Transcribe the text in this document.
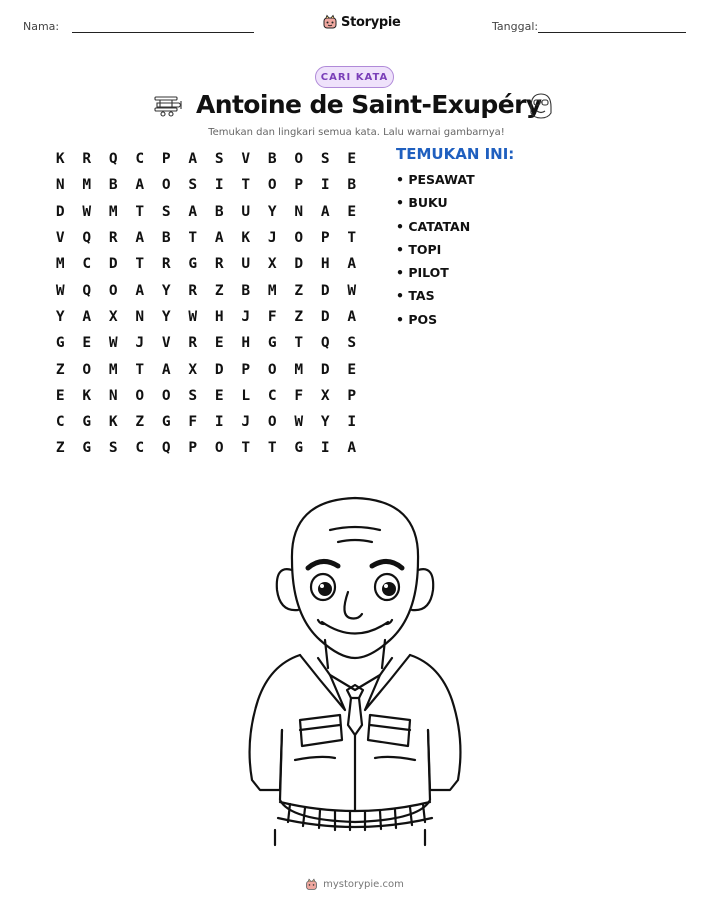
Nama:	Storypie	Tanggal:
CARI KATA
Antoine de Saint-Exupéry
Temukan dan lingkari semua kata. Lalu warnai gambarnya!
K	R	Q	C	P	A	S	V	B	O	S	E
N	M	B	A	O	S	I	T	O	P	I	B
D	W	M	T	S	A	B	U	Y	N	A	E
V	Q	R	A	B	T	A	K	J	O	P	T
M	C	D	T	R	G	R	U	X	D	H	A
W	Q	O	A	Y	R	Z	B	M	Z	D	W
Y	A	X	N	Y	W	H	J	F	Z	D	A
G	E	W	J	V	R	E	H	G	T	Q	S
Z	O	M	T	A	X	D	P	O	M	D	E
E	K	N	O	O	S	E	L	C	F	X	P
C	G	K	Z	G	F	I	J	O	W	Y	I
Z	G	S	C	Q	P	O	T	T	G	I	A
TEMUKAN INI:
• PESAWAT
• BUKU
• CATATAN
• TOPI
• PILOT
• TAS
• POS
mystorypie.com
